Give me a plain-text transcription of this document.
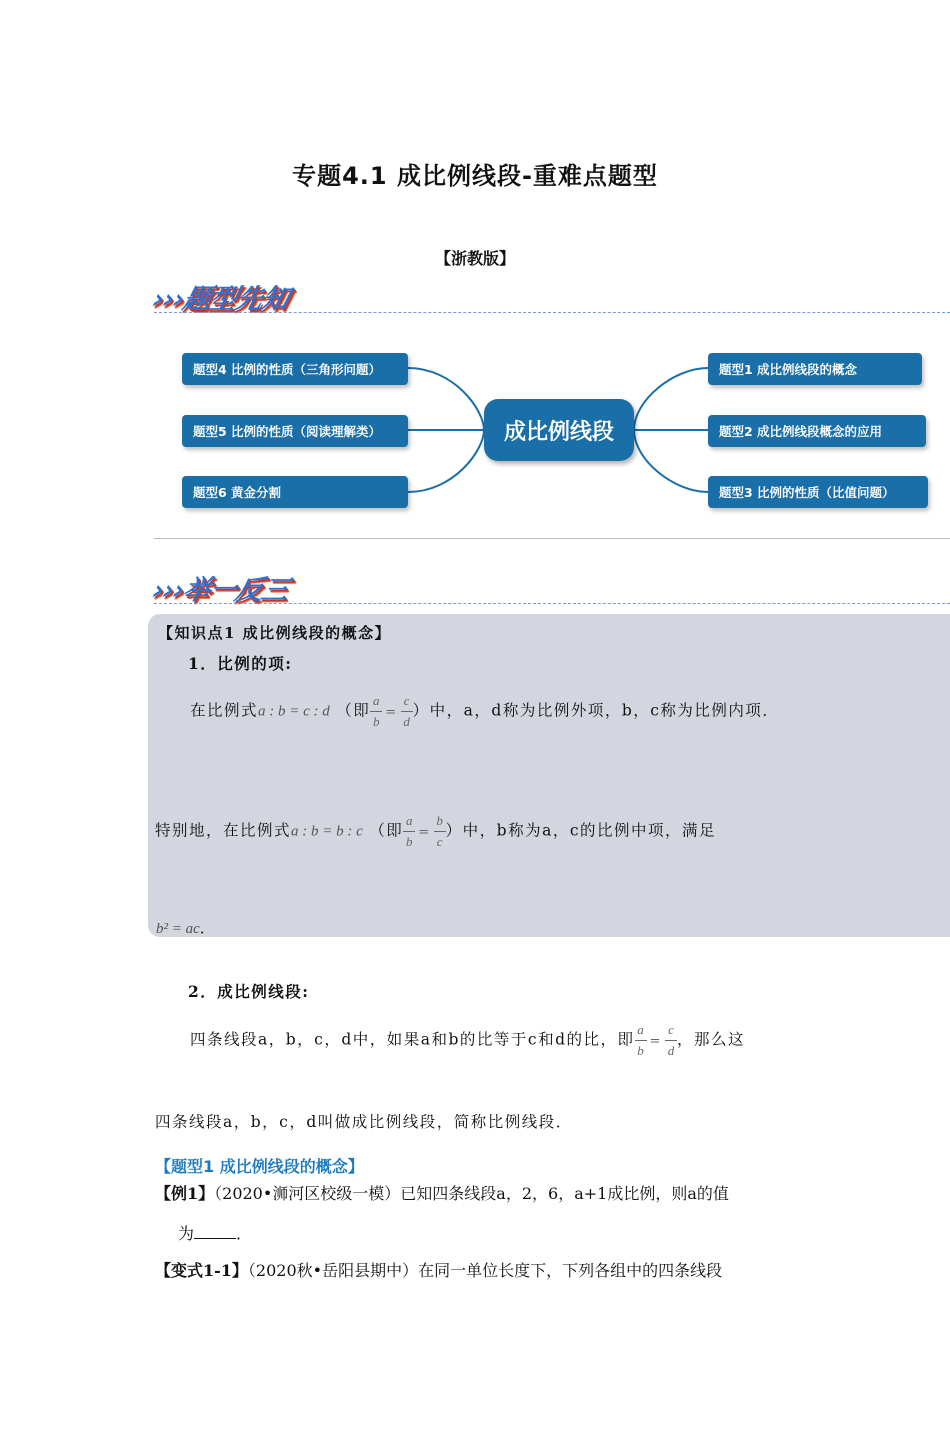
专题4.1 成比例线段-重难点题型
【浙教版】
›››题型先知
题型4 比例的性质（三角形问题）
题型5 比例的性质（阅读理解类）
题型6 黄金分割
成比例线段
题型1 成比例线段的概念
题型2 成比例线段概念的应用
题型3 比例的性质（比值问题）
›››举一反三
【知识点1 成比例线段的概念】
1．比例的项:
在比例式a : b = c : d （即 $\frac{a}{b} = \frac{c}{d}$ ）中，a，d称为比例外项，b，c称为比例内项．
特别地，在比例式a : b = b : c （即 $\frac{a}{b} = \frac{b}{c}$ ）中，b称为a，c的比例中项，满足
b² = ac．
2．成比例线段:
四条线段a，b，c，d中，如果a和b的比等于c和d的比，即 $\frac{a}{b} = \frac{c}{d}$ ，那么这
四条线段a，b，c，d叫做成比例线段，简称比例线段．
【题型1 成比例线段的概念】
【例1】（2020•浉河区校级一模）已知四条线段a，2，6，a+1成比例，则a的值
为	．
【变式1-1】（2020秋•岳阳县期中）在同一单位长度下，下列各组中的四条线段
